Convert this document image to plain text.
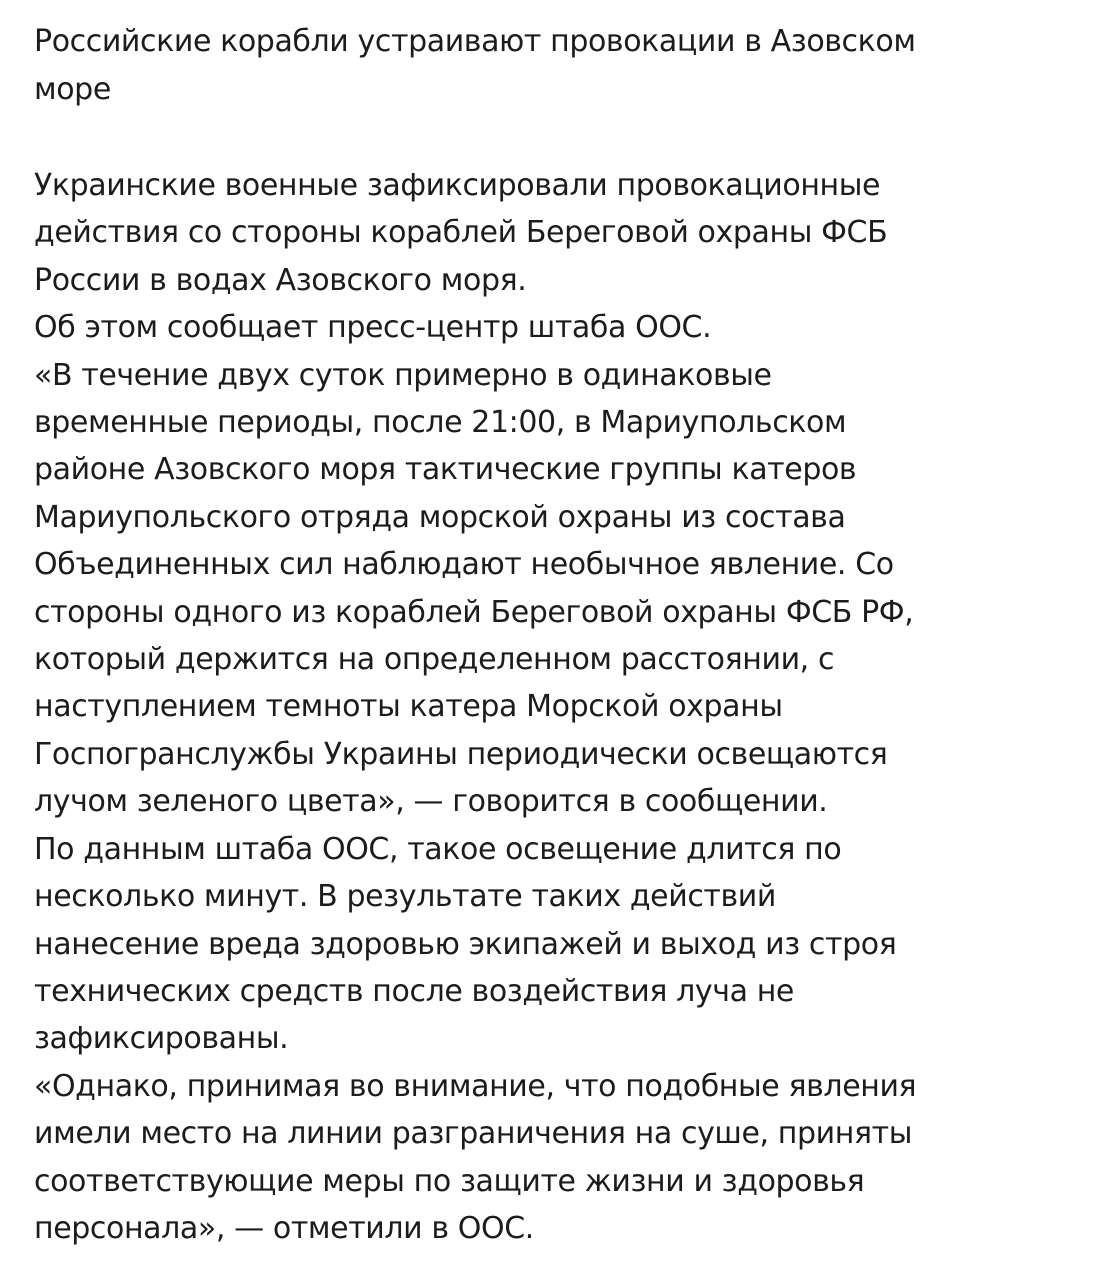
Российские корабли устраивают провокации в Азовском
море
Украинские военные зафиксировали провокационные
действия со стороны кораблей Береговой охраны ФСБ
России в водах Азовского моря.
Об этом сообщает пресс-центр штаба ООС.
«В течение двух суток примерно в одинаковые
временные периоды, после 21:00, в Мариупольском
районе Азовского моря тактические группы катеров
Мариупольского отряда морской охраны из состава
Объединенных сил наблюдают необычное явление. Со
стороны одного из кораблей Береговой охраны ФСБ РФ,
который держится на определенном расстоянии, с
наступлением темноты катера Морской охраны
Госпогранслужбы Украины периодически освещаются
лучом зеленого цвета», — говорится в сообщении.
По данным штаба ООС, такое освещение длится по
несколько минут. В результате таких действий
нанесение вреда здоровью экипажей и выход из строя
технических средств после воздействия луча не
зафиксированы.
«Однако, принимая во внимание, что подобные явления
имели место на линии разграничения на суше, приняты
соответствующие меры по защите жизни и здоровья
персонала», — отметили в ООС.
